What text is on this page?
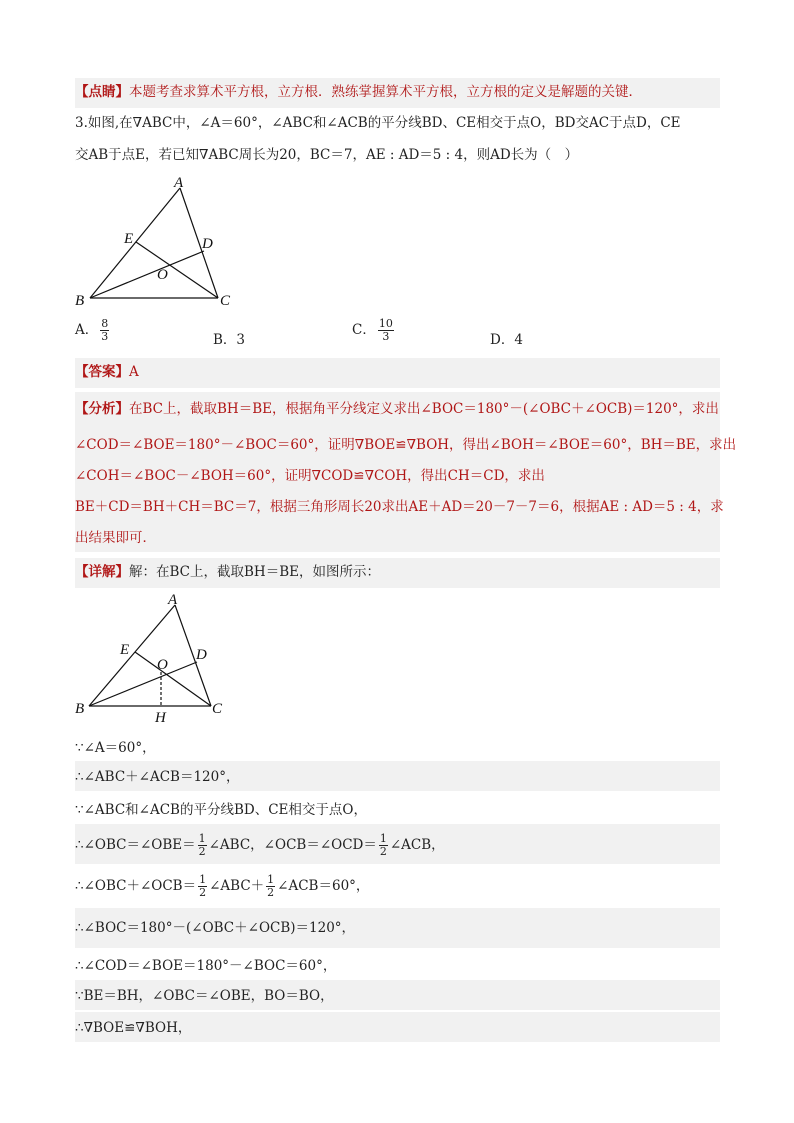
【点睛】本题考查求算术平方根，立方根．熟练掌握算术平方根，立方根的定义是解题的关键．
3.如图,在∇ABC中，∠A＝60°，∠ABC和∠ACB的平分线BD、CE相交于点O，BD交AC于点D，CE
交AB于点E，若已知∇ABC周长为20，BC＝7，AE : AD＝5 : 4，则AD长为（　）
A
E	D
O
B	C
A． $\frac{8}{3}$	B．3
C． $\frac{10}{3}$	D．4
【答案】A
【分析】在BC上，截取BH＝BE，根据角平分线定义求出∠BOC＝180°－(∠OBC＋∠OCB)＝120°，求出
∠COD＝∠BOE＝180°－∠BOC＝60°，证明∇BOE≌∇BOH，得出∠BOH＝∠BOE＝60°，BH＝BE，求出
∠COH＝∠BOC－∠BOH＝60°，证明∇COD≌∇COH，得出CH＝CD，求出
BE＋CD＝BH＋CH＝BC＝7，根据三角形周长20求出AE＋AD＝20－7－7＝6，根据AE : AD＝5 : 4，求
出结果即可．
【详解】解：在BC上，截取BH＝BE，如图所示：
A
E
O
D
B
H
C
∵∠A＝60°，
∴∠ABC＋∠ACB＝120°，
∵∠ABC和∠ACB的平分线BD、CE相交于点O，
∴∠OBC＝∠OBE＝ $\frac{1}{2}$ ∠ABC，∠OCB＝∠OCD＝ $\frac{1}{2}$ ∠ACB，
∴∠OBC＋∠OCB＝ $\frac{1}{2}$ ∠ABC＋ $\frac{1}{2}$ ∠ACB＝60°，
∴∠BOC＝180°－(∠OBC＋∠OCB)＝120°，
∴∠COD＝∠BOE＝180°－∠BOC＝60°，
∵BE＝BH，∠OBC＝∠OBE，BO＝BO，
∴∇BOE≌∇BOH，
